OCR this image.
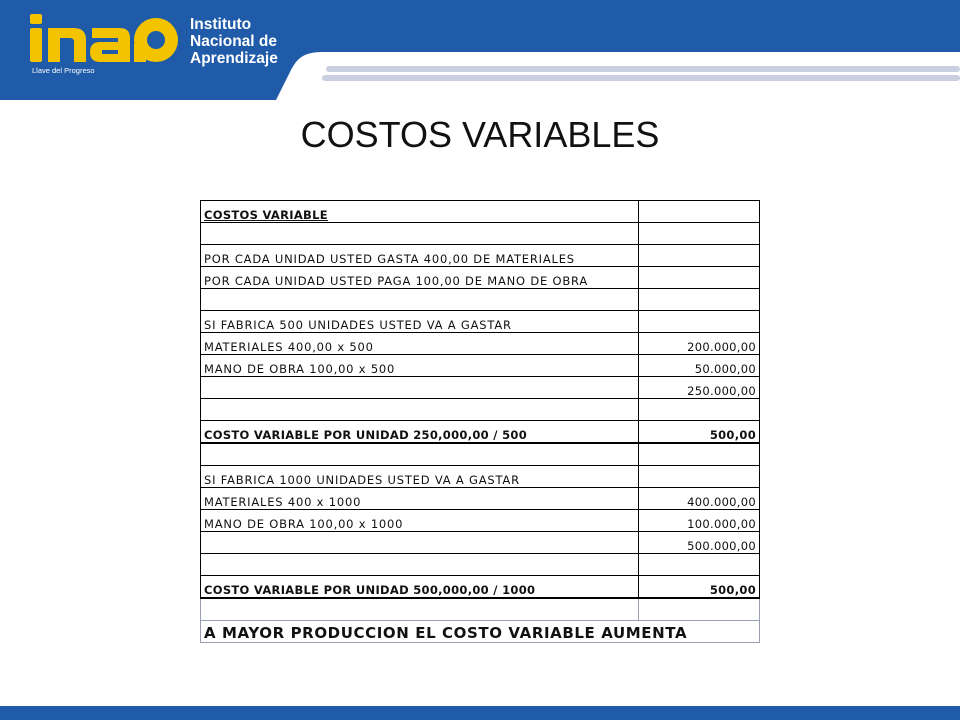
Instituto
Nacional de
Aprendizaje
Llave del Progreso
COSTOS VARIABLES
COSTOS VARIABLE	

POR CADA UNIDAD USTED GASTA 400,00 DE MATERIALES	
POR CADA UNIDAD USTED PAGA 100,00 DE MANO DE OBRA	

SI FABRICA 500 UNIDADES USTED VA A GASTAR	
MATERIALES 400,00 x 500	200.000,00
MANO DE OBRA 100,00 x 500	50.000,00
	250.000,00

COSTO VARIABLE POR UNIDAD 250,000,00 / 500	500,00

SI FABRICA 1000 UNIDADES USTED VA A GASTAR	
MATERIALES 400 x 1000	400.000,00
MANO DE OBRA 100,00 x 1000	100.000,00
	500.000,00

COSTO VARIABLE POR UNIDAD 500,000,00 / 1000	500,00

A MAYOR PRODUCCION EL COSTO VARIABLE AUMENTA	
